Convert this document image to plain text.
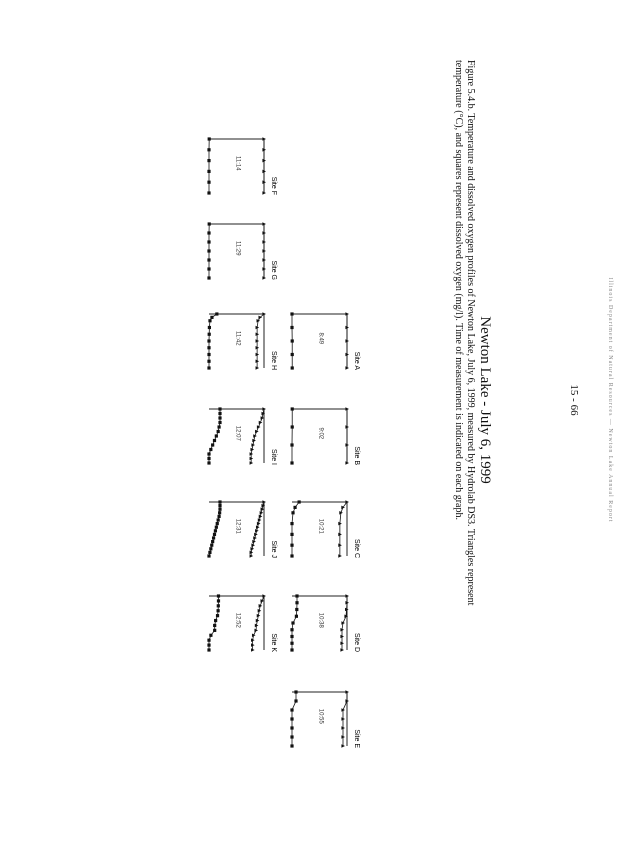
Illinois Department of Natural Resources — Newton Lake Annual Report
Newton Lake - July 6, 1999	15 - 66
Figure 5.4.b. Temperature and dissolved oxygen profiles of Newton Lake, July 6, 1999, measured by Hydrolab DS3. Triangles represent
temperature (°C), and squares represent dissolved oxygen (mg/l). Time of measurement is indicated on each graph.
Site A
8:49
Site B
9:02
Site C
10:21
Site D
10:38
Site E
10:55
Site F
11:14
Site G
11:29
Site H
11:42
Site I
12:07
Site J
12:31
Site K
12:52
